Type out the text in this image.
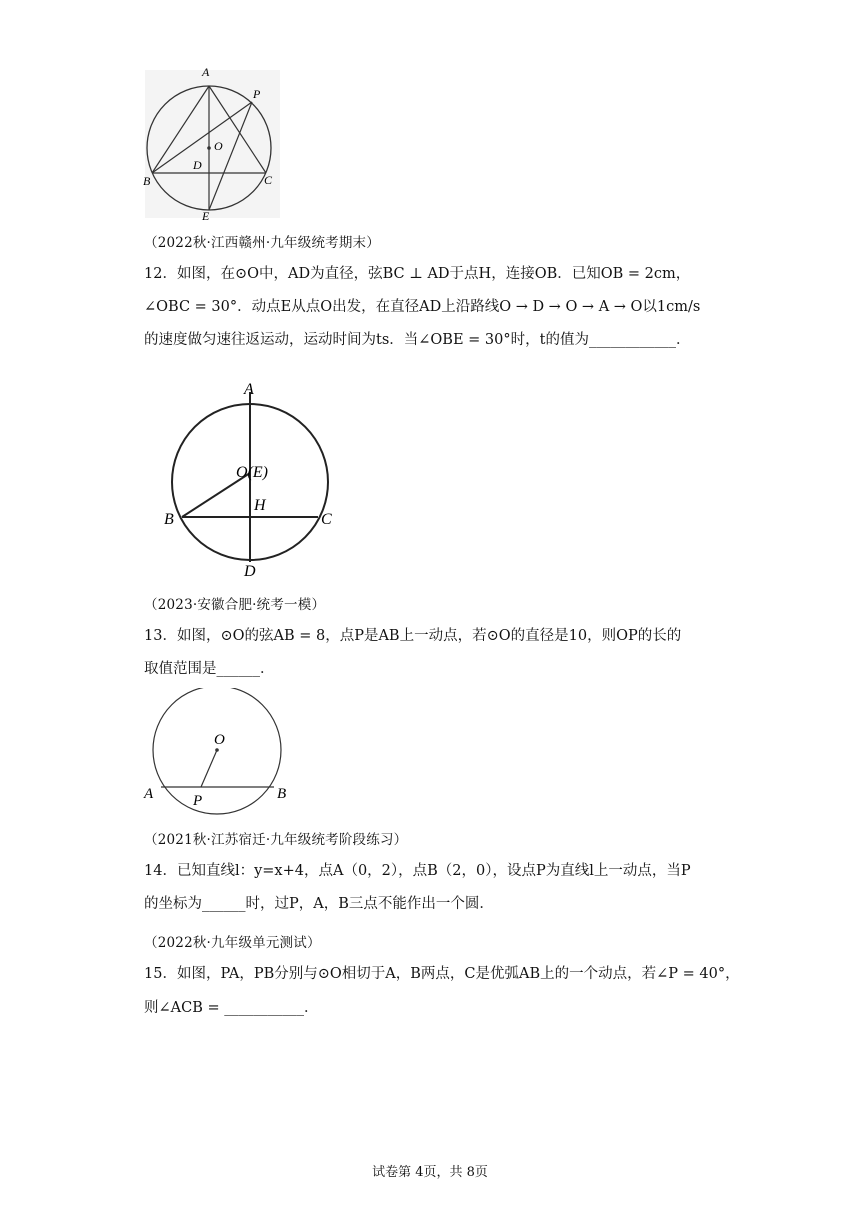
A
P
O
D
B	C
E
（2022秋·江西赣州·九年级统考期末）
12．如图，在⊙O中，AD为直径，弦BC ⊥ AD于点H，连接OB．已知OB = 2cm，
∠OBC = 30°．动点E从点O出发，在直径AD上沿路线O → D → O → A → O以1cm/s
的速度做匀速往返运动，运动时间为ts．当∠OBE = 30°时，t的值为____________．
A
O(E)
H
B	C
D
（2023·安徽合肥·统考一模）
13．如图，⊙O的弦AB = 8，点P是AB上一动点，若⊙O的直径是10，则OP的长的
取值范围是______．
O
A	P	B
（2021秋·江苏宿迁·九年级统考阶段练习）
14．已知直线l：y=x+4，点A（0，2），点B（2，0），设点P为直线l上一动点，当P
的坐标为______时，过P，A，B三点不能作出一个圆．
（2022秋·九年级单元测试）
15．如图，PA，PB分别与⊙O相切于A，B两点，C是优弧AB上的一个动点，若∠P = 40°，
则∠ACB = ___________．
试卷第 4页，共 8页
